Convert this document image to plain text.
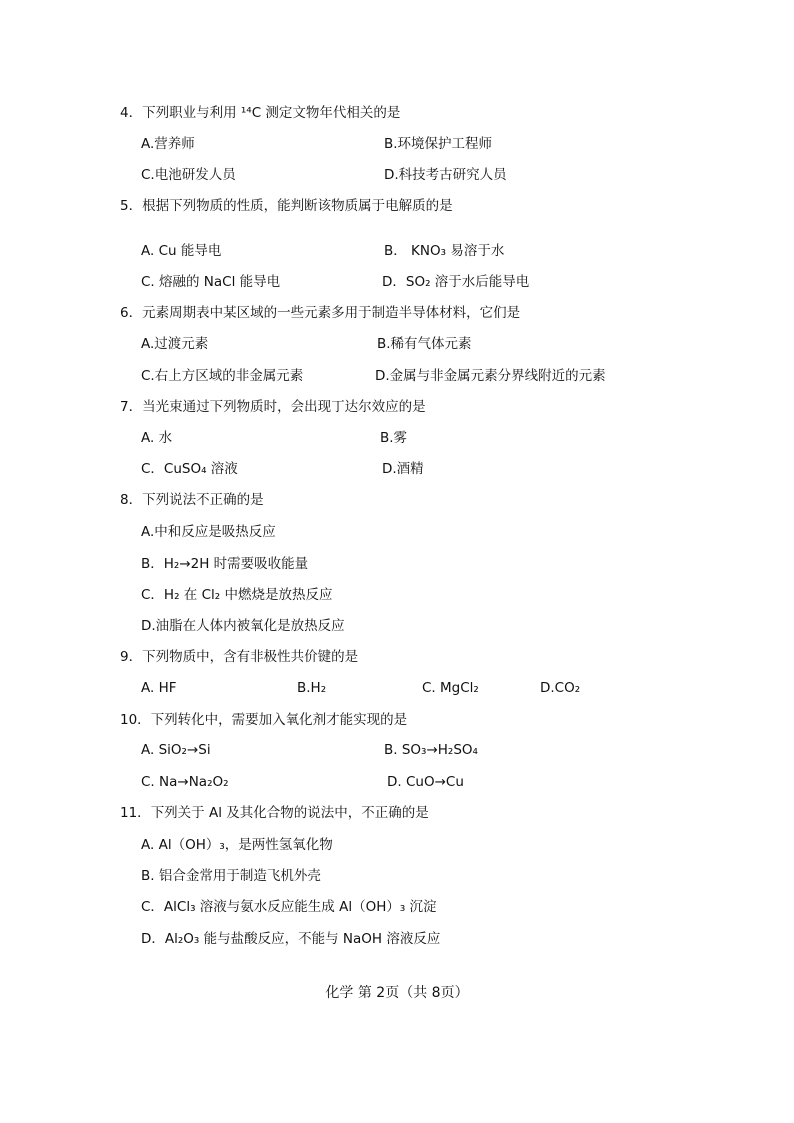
4．下列职业与利用 ¹⁴C 测定文物年代相关的是
A.营养师	B.环境保护工程师
C.电池研发人员	D.科技考古研究人员
5．根据下列物质的性质，能判断该物质属于电解质的是
A. Cu 能导电	B． KNO₃ 易溶于水
C. 熔融的 NaCl 能导电	D．SO₂ 溶于水后能导电
6．元素周期表中某区域的一些元素多用于制造半导体材料，它们是
A.过渡元素	B.稀有气体元素
C.右上方区域的非金属元素	D.金属与非金属元素分界线附近的元素
7．当光束通过下列物质时，会出现丁达尔效应的是
A. 水	B.雾
C．CuSO₄ 溶液	D.酒精
8．下列说法不正确的是
A.中和反应是吸热反应
B．H₂→2H 时需要吸收能量
C．H₂ 在 Cl₂ 中燃烧是放热反应
D.油脂在人体内被氧化是放热反应
9．下列物质中，含有非极性共价键的是
A. HF	B.H₂	C. MgCl₂	D.CO₂
10．下列转化中，需要加入氧化剂才能实现的是
A. SiO₂→Si	B. SO₃→H₂SO₄
C. Na→Na₂O₂	D. CuO→Cu
11．下列关于 Al 及其化合物的说法中，不正确的是
A. Al（OH）₃，是两性氢氧化物
B. 铝合金常用于制造飞机外壳
C．AlCl₃ 溶液与氨水反应能生成 Al（OH）₃ 沉淀
D．Al₂O₃ 能与盐酸反应，不能与 NaOH 溶液反应
化学 第 2页（共 8页）
